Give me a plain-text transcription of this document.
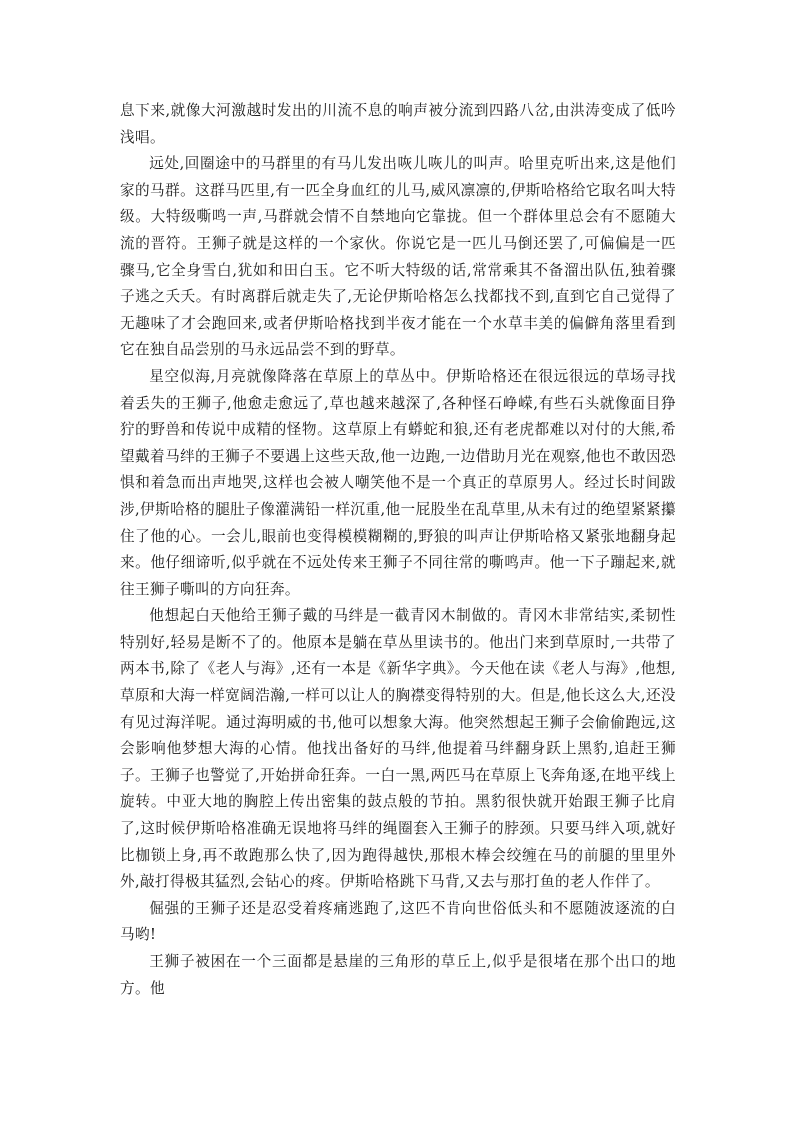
息下来,就像大河激越时发出的川流不息的响声被分流到四路八岔,由洪涛变成了低吟浅唱。

远处,回圈途中的马群里的有马儿发出咴儿咴儿的叫声。哈里克听出来,这是他们家的马群。这群马匹里,有一匹全身血红的儿马,威风凛凛的,伊斯哈格给它取名叫大特级。大特级嘶鸣一声,马群就会情不自禁地向它靠拢。但一个群体里总会有不愿随大流的晋符。王狮子就是这样的一个家伙。你说它是一匹儿马倒还罢了,可偏偏是一匹骤马,它全身雪白,犹如和田白玉。它不听大特级的话,常常乘其不备溜出队伍,独着骤子逃之夭夭。有时离群后就走失了,无论伊斯哈格怎么找都找不到,直到它自己觉得了无趣味了才会跑回来,或者伊斯哈格找到半夜才能在一个水草丰美的偏僻角落里看到它在独自品尝别的马永远品尝不到的野草。

星空似海,月亮就像降落在草原上的草丛中。伊斯哈格还在很远很远的草场寻找着丢失的王狮子,他愈走愈远了,草也越来越深了,各种怪石峥嵘,有些石头就像面目狰狞的野兽和传说中成精的怪物。这草原上有蟒蛇和狼,还有老虎都难以对付的大熊,希望戴着马绊的王狮子不要遇上这些天敌,他一边跑,一边借助月光在观察,他也不敢因恐惧和着急而出声地哭,这样也会被人嘲笑他不是一个真正的草原男人。经过长时间跋涉,伊斯哈格的腿肚子像灌满铅一样沉重,他一屁股坐在乱草里,从未有过的绝望紧紧攥住了他的心。一会儿,眼前也变得模模糊糊的,野狼的叫声让伊斯哈格又紧张地翻身起来。他仔细谛听,似乎就在不远处传来王狮子不同往常的嘶鸣声。他一下子蹦起来,就往王狮子嘶叫的方向狂奔。

他想起白天他给王狮子戴的马绊是一截青冈木制做的。青冈木非常结实,柔韧性特别好,轻易是断不了的。他原本是躺在草丛里读书的。他出门来到草原时,一共带了两本书,除了《老人与海》,还有一本是《新华字典》。今天他在读《老人与海》,他想,草原和大海一样宽阔浩瀚,一样可以让人的胸襟变得特别的大。但是,他长这么大,还没有见过海洋呢。通过海明威的书,他可以想象大海。他突然想起王狮子会偷偷跑远,这会影响他梦想大海的心情。他找出备好的马绊,他提着马绊翻身跃上黑豹,追赶王狮子。王狮子也警觉了,开始拼命狂奔。一白一黑,两匹马在草原上飞奔角逐,在地平线上旋转。中亚大地的胸腔上传出密集的鼓点般的节拍。黑豹很快就开始跟王狮子比肩了,这时候伊斯哈格准确无误地将马绊的绳圈套入王狮子的脖颈。只要马绊入项,就好比枷锁上身,再不敢跑那么快了,因为跑得越快,那根木棒会绞缠在马的前腿的里里外外,敲打得极其猛烈,会钻心的疼。伊斯哈格跳下马背,又去与那打鱼的老人作伴了。

倔强的王狮子还是忍受着疼痛逃跑了,这匹不肯向世俗低头和不愿随波逐流的白马哟!

王狮子被困在一个三面都是悬崖的三角形的草丘上,似乎是很堵在那个出口的地方。他
